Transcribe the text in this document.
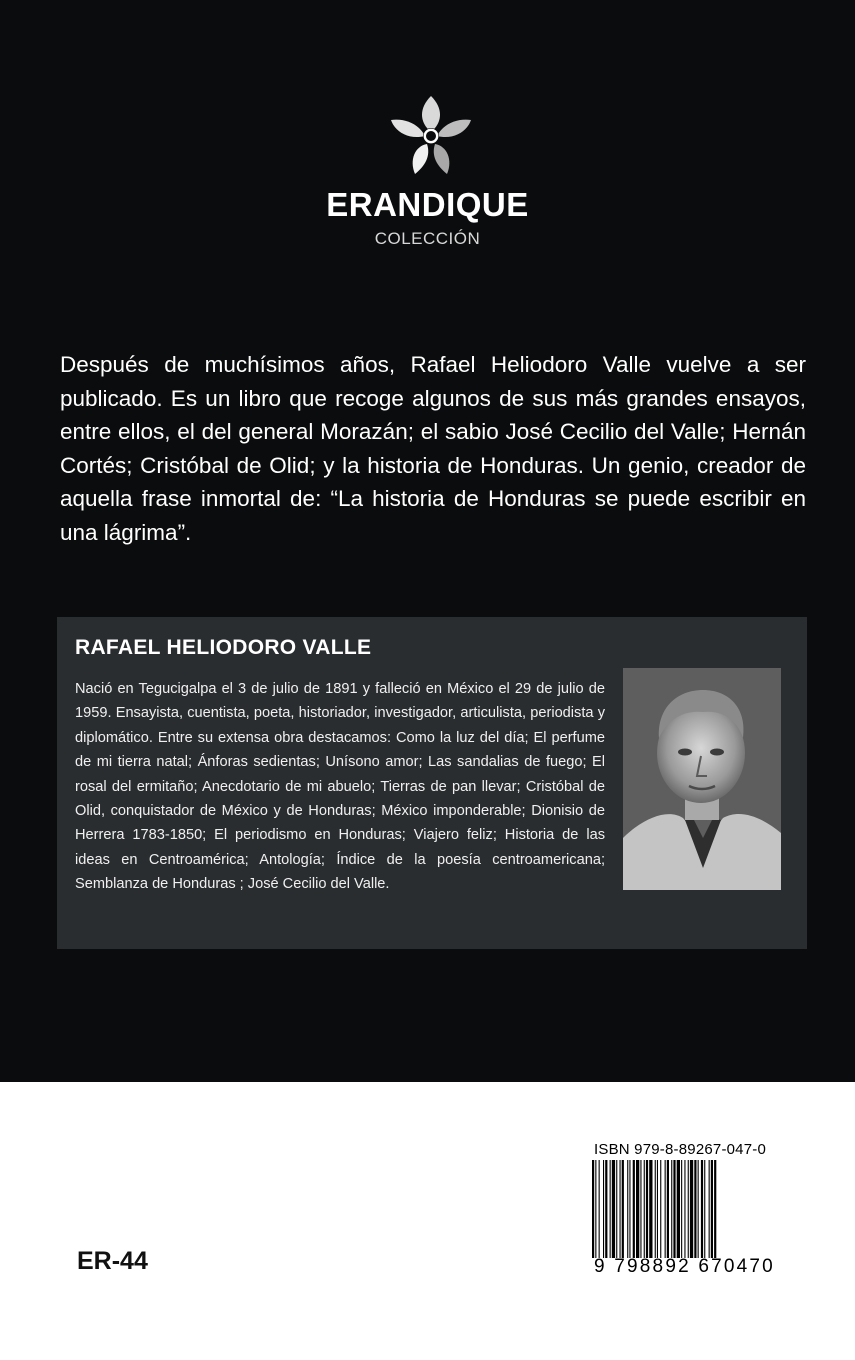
ERANDIQUE
COLECCIÓN
Después de muchísimos años, Rafael Heliodoro Valle vuelve a ser publicado. Es un libro que recoge algunos de sus más grandes ensayos, entre ellos, el del general Morazán; el sabio José Cecilio del Valle; Hernán Cortés; Cristóbal de Olid; y la historia de Honduras. Un genio, creador de aquella frase inmortal de: “La historia de Honduras se puede escribir en una lágrima”.
RAFAEL HELIODORO VALLE
Nació en Tegucigalpa el 3 de julio de 1891 y falleció en México el 29 de julio de 1959. Ensayista, cuentista, poeta, historiador, investigador, articulista, periodista y diplomático. Entre su extensa obra destacamos: Como la luz del día; El perfume de mi tierra natal; Ánforas sedientas; Unísono amor; Las sandalias de fuego; El rosal del ermitaño; Anecdotario de mi abuelo; Tierras de pan llevar; Cristóbal de Olid, conquistador de México y de Honduras; México imponderable; Dionisio de Herrera 1783-1850; El periodismo en Honduras; Viajero feliz; Historia de las ideas en Centroamérica; Antología; Índice de la poesía centroamericana; Semblanza de Honduras ; José Cecilio del Valle.
ISBN 979-8-89267-047-0
9 798892 670470
ER-44
